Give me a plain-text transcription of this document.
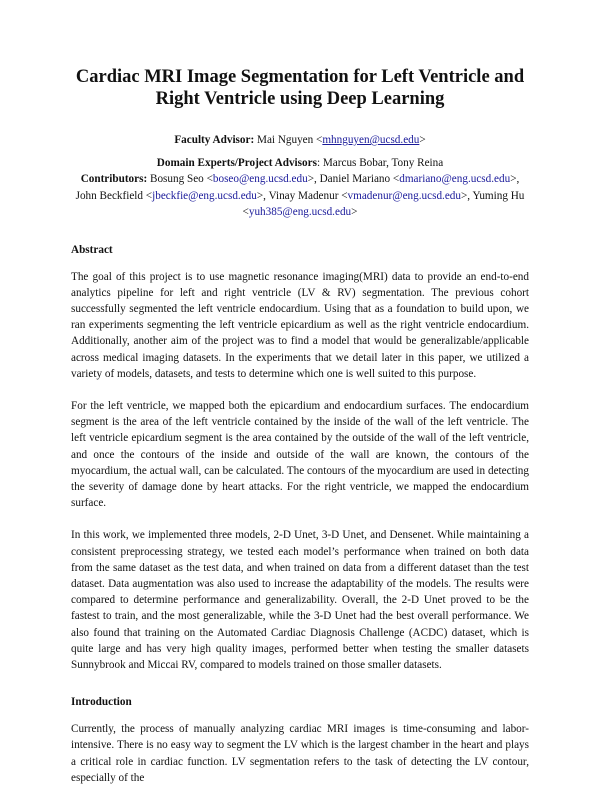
Cardiac MRI Image Segmentation for Left Ventricle and Right Ventricle using Deep Learning

Faculty Advisor: Mai Nguyen <mhnguyen@ucsd.edu>

Domain Experts/Project Advisors: Marcus Bobar, Tony Reina

Contributors: Bosung Seo <boseo@eng.ucsd.edu>, Daniel Mariano <dmariano@eng.ucsd.edu>, John Beckfield <jbeckfie@eng.ucsd.edu>, Vinay Madenur <vmadenur@eng.ucsd.edu>, Yuming Hu <yuh385@eng.ucsd.edu>

Abstract

The goal of this project is to use magnetic resonance imaging(MRI) data to provide an end-to-end analytics pipeline for left and right ventricle (LV & RV) segmentation. The previous cohort successfully segmented the left ventricle endocardium. Using that as a foundation to build upon, we ran experiments segmenting the left ventricle epicardium as well as the right ventricle endocardium. Additionally, another aim of the project was to find a model that would be generalizable/applicable across medical imaging datasets. In the experiments that we detail later in this paper, we utilized a variety of models, datasets, and tests to determine which one is well suited to this purpose.

For the left ventricle, we mapped both the epicardium and endocardium surfaces. The endocardium segment is the area of the left ventricle contained by the inside of the wall of the left ventricle. The left ventricle epicardium segment is the area contained by the outside of the wall of the left ventricle, and once the contours of the inside and outside of the wall are known, the contours of the myocardium, the actual wall, can be calculated. The contours of the myocardium are used in detecting the severity of damage done by heart attacks. For the right ventricle, we mapped the endocardium surface.

In this work, we implemented three models, 2-D Unet, 3-D Unet, and Densenet. While maintaining a consistent preprocessing strategy, we tested each model’s performance when trained on both data from the same dataset as the test data, and when trained on data from a different dataset than the test dataset. Data augmentation was also used to increase the adaptability of the models. The results were compared to determine performance and generalizability. Overall, the 2-D Unet proved to be the fastest to train, and the most generalizable, while the 3-D Unet had the best overall performance. We also found that training on the Automated Cardiac Diagnosis Challenge (ACDC) dataset, which is quite large and has very high quality images, performed better when testing the smaller datasets Sunnybrook and Miccai RV, compared to models trained on those smaller datasets.

Introduction

Currently, the process of manually analyzing cardiac MRI images is time-consuming and labor-intensive. There is no easy way to segment the LV which is the largest chamber in the heart and plays a critical role in cardiac function. LV segmentation refers to the task of detecting the LV contour, especially of the
